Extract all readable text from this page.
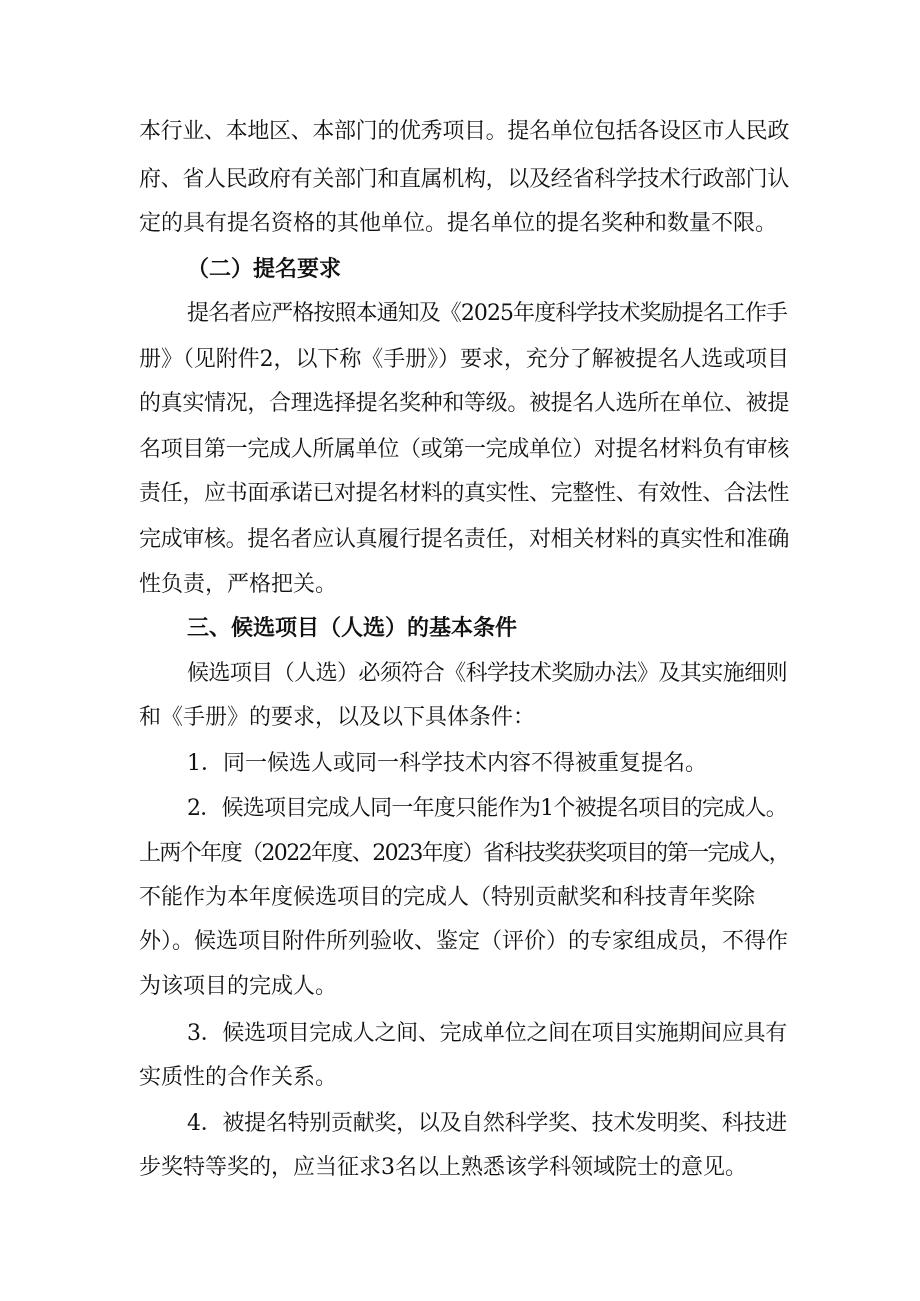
本行业、本地区、本部门的优秀项目。提名单位包括各设区市人民政
府、省人民政府有关部门和直属机构，以及经省科学技术行政部门认
定的具有提名资格的其他单位。提名单位的提名奖种和数量不限。
（二）提名要求
提名者应严格按照本通知及《2025年度科学技术奖励提名工作手
册》（见附件2，以下称《手册》）要求，充分了解被提名人选或项目
的真实情况，合理选择提名奖种和等级。被提名人选所在单位、被提
名项目第一完成人所属单位（或第一完成单位）对提名材料负有审核
责任，应书面承诺已对提名材料的真实性、完整性、有效性、合法性
完成审核。提名者应认真履行提名责任，对相关材料的真实性和准确
性负责，严格把关。
三、候选项目（人选）的基本条件
候选项目（人选）必须符合《科学技术奖励办法》及其实施细则
和《手册》的要求，以及以下具体条件：
1．同一候选人或同一科学技术内容不得被重复提名。
2．候选项目完成人同一年度只能作为1个被提名项目的完成人。
上两个年度（2022年度、2023年度）省科技奖获奖项目的第一完成人，
不能作为本年度候选项目的完成人（特别贡献奖和科技青年奖除
外）。候选项目附件所列验收、鉴定（评价）的专家组成员，不得作
为该项目的完成人。
3．候选项目完成人之间、完成单位之间在项目实施期间应具有
实质性的合作关系。
4．被提名特别贡献奖，以及自然科学奖、技术发明奖、科技进
步奖特等奖的，应当征求3名以上熟悉该学科领域院士的意见。
